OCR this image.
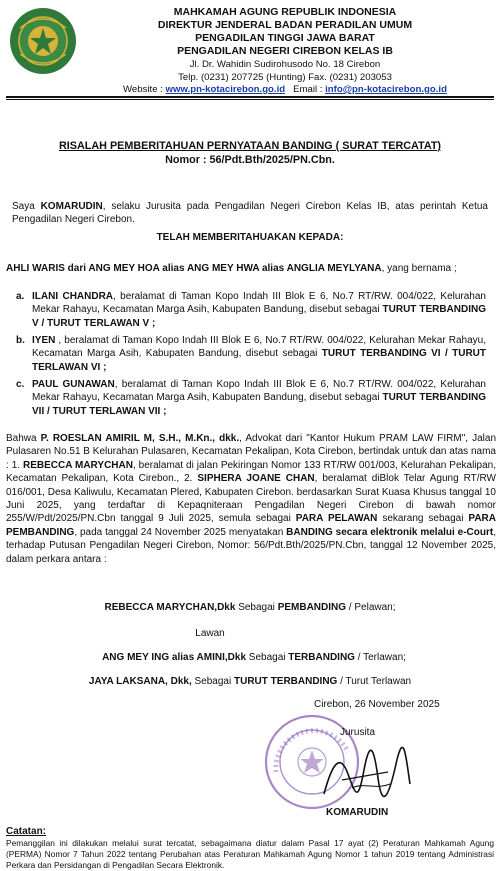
MAHKAMAH AGUNG REPUBLIK INDONESIA
DIREKTUR JENDERAL BADAN PERADILAN UMUM
PENGADILAN TINGGI JAWA BARAT
PENGADILAN NEGERI CIREBON KELAS IB
Jl. Dr. Wahidin Sudirohusodo No. 18 Cirebon
Telp. (0231) 207725 (Hunting) Fax. (0231) 203053
Website : www.pn-kotacirebon.go.id Email : info@pn-kotacirebon.go.id
RISALAH PEMBERITAHUAN PERNYATAAN BANDING ( SURAT TERCATAT)
Nomor : 56/Pdt.Bth/2025/PN.Cbn.
Saya KOMARUDIN, selaku Jurusita pada Pengadilan Negeri Cirebon Kelas IB, atas perintah Ketua Pengadilan Negeri Cirebon.
TELAH MEMBERITAHUAKAN KEPADA:
AHLI WARIS dari ANG MEY HOA alias ANG MEY HWA alias ANGLIA MEYLYANA, yang bernama ;
a. ILANI CHANDRA, beralamat di Taman Kopo Indah III Blok E 6, No.7 RT/RW. 004/022, Kelurahan Mekar Rahayu, Kecamatan Marga Asih, Kabupaten Bandung, disebut sebagai TURUT TERBANDING V / TURUT TERLAWAN V ;
b. IYEN , beralamat di Taman Kopo Indah III Blok E 6, No.7 RT/RW. 004/022, Kelurahan Mekar Rahayu, Kecamatan Marga Asih, Kabupaten Bandung, disebut sebagai TURUT TERBANDING VI / TURUT TERLAWAN VI ;
c. PAUL GUNAWAN, beralamat di Taman Kopo Indah III Blok E 6, No.7 RT/RW. 004/022, Kelurahan Mekar Rahayu, Kecamatan Marga Asih, Kabupaten Bandung, disebut sebagai TURUT TERBANDING VII / TURUT TERLAWAN VII ;
Bahwa P. ROESLAN AMIRIL M, S.H., M.Kn., dkk., Advokat dari "Kantor Hukum PRAM LAW FIRM", Jalan Pulasaren No.51 B Kelurahan Pulasaren, Kecamatan Pekalipan, Kota Cirebon, bertindak untuk dan atas nama : 1. REBECCA MARYCHAN, beralamat di jalan Pekiringan Nomor 133 RT/RW 001/003, Kelurahan Pekalipan, Kecamatan Pekalipan, Kota Cirebon., 2. SIPHERA JOANE CHAN, beralamat diBlok Telar Agung RT/RW 016/001, Desa Kaliwulu, Kecamatan Plered, Kabupaten Cirebon. berdasarkan Surat Kuasa Khusus tanggal 10 Juni 2025, yang terdaftar di Kepaqniteraan Pengadilan Negeri Cirebon di bawah nomor 255/W/Pdt/2025/PN.Cbn tanggal 9 Juli 2025, semula sebagai PARA PELAWAN sekarang sebagai PARA PEMBANDING, pada tanggal 24 November 2025 menyatakan BANDING secara elektronik melalui e-Court, terhadap Putusan Pengadilan Negeri Cirebon, Nomor: 56/Pdt.Bth/2025/PN.Cbn, tanggal 12 November 2025, dalam perkara antara :
REBECCA MARYCHAN,Dkk Sebagai PEMBANDING / Pelawan;
Lawan
ANG MEY ING alias AMINI,Dkk Sebagai TERBANDING / Terlawan;
JAYA LAKSANA, Dkk, Sebagai TURUT TERBANDING / Turut Terlawan
Cirebon, 26 November 2025
Jurusita
KOMARUDIN
Catatan:
Pemanggilan ini dilakukan melalui surat tercatat, sebagaimana diatur dalam Pasal 17 ayat (2) Peraturan Mahkamah Agung (PERMA) Nomor 7 Tahun 2022 tentang Perubahan atas Peraturan Mahkamah Agung Nomor 1 tahun 2019 tentang Administrasi Perkara dan Persidangan di Pengadilan Secara Elektronik.
